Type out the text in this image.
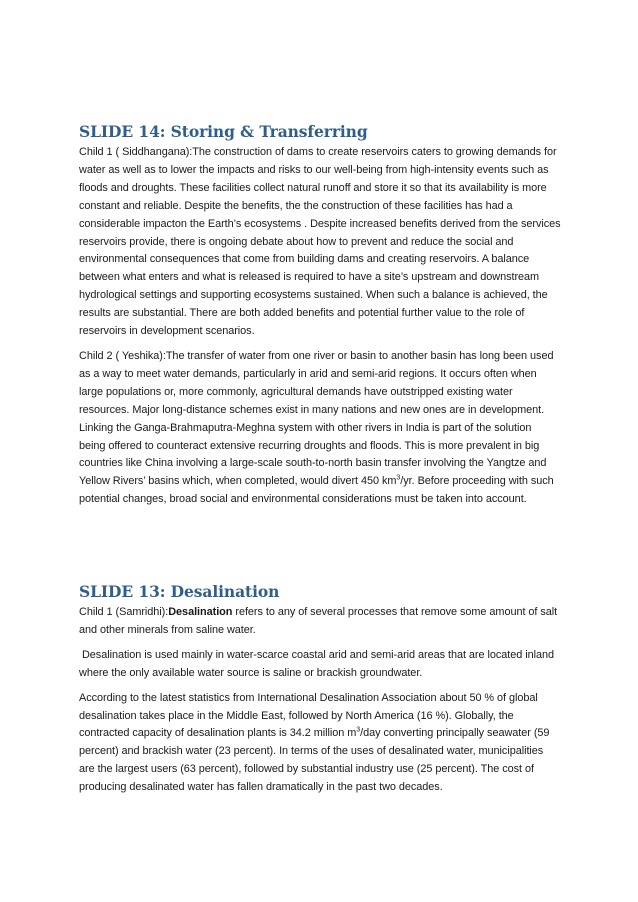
SLIDE 14: Storing & Transferring

Child 1 ( Siddhangana):The construction of dams to create reservoirs caters to growing demands for
water as well as to lower the impacts and risks to our well-being from high-intensity events such as
floods and droughts. These facilities collect natural runoff and store it so that its availability is more
constant and reliable. Despite the benefits, the the construction of these facilities has had a
considerable impacton the Earth’s ecosystems . Despite increased benefits derived from the services
reservoirs provide, there is ongoing debate about how to prevent and reduce the social and
environmental consequences that come from building dams and creating reservoirs. A balance
between what enters and what is released is required to have a site’s upstream and downstream
hydrological settings and supporting ecosystems sustained. When such a balance is achieved, the
results are substantial. There are both added benefits and potential further value to the role of
reservoirs in development scenarios.

Child 2 ( Yeshika):The transfer of water from one river or basin to another basin has long been used
as a way to meet water demands, particularly in arid and semi-arid regions. It occurs often when
large populations or, more commonly, agricultural demands have outstripped existing water
resources. Major long-distance schemes exist in many nations and new ones are in development.
Linking the Ganga-Brahmaputra-Meghna system with other rivers in India is part of the solution
being offered to counteract extensive recurring droughts and floods. This is more prevalent in big
countries like China involving a large-scale south-to-north basin transfer involving the Yangtze and
Yellow Rivers’ basins which, when completed, would divert 450 $km^3/yr$. Before proceeding with such
potential changes, broad social and environmental considerations must be taken into account.

SLIDE 13: Desalination

Child 1 (Samridhi):Desalination refers to any of several processes that remove some amount of salt
and other minerals from saline water.

Desalination is used mainly in water-scarce coastal arid and semi-arid areas that are located inland
where the only available water source is saline or brackish groundwater.

According to the latest statistics from International Desalination Association about 50 % of global
desalination takes place in the Middle East, followed by North America (16 %). Globally, the
contracted capacity of desalination plants is 34.2 million $m^3$/day converting principally seawater (59
percent) and brackish water (23 percent). In terms of the uses of desalinated water, municipalities
are the largest users (63 percent), followed by substantial industry use (25 percent). The cost of
producing desalinated water has fallen dramatically in the past two decades.
